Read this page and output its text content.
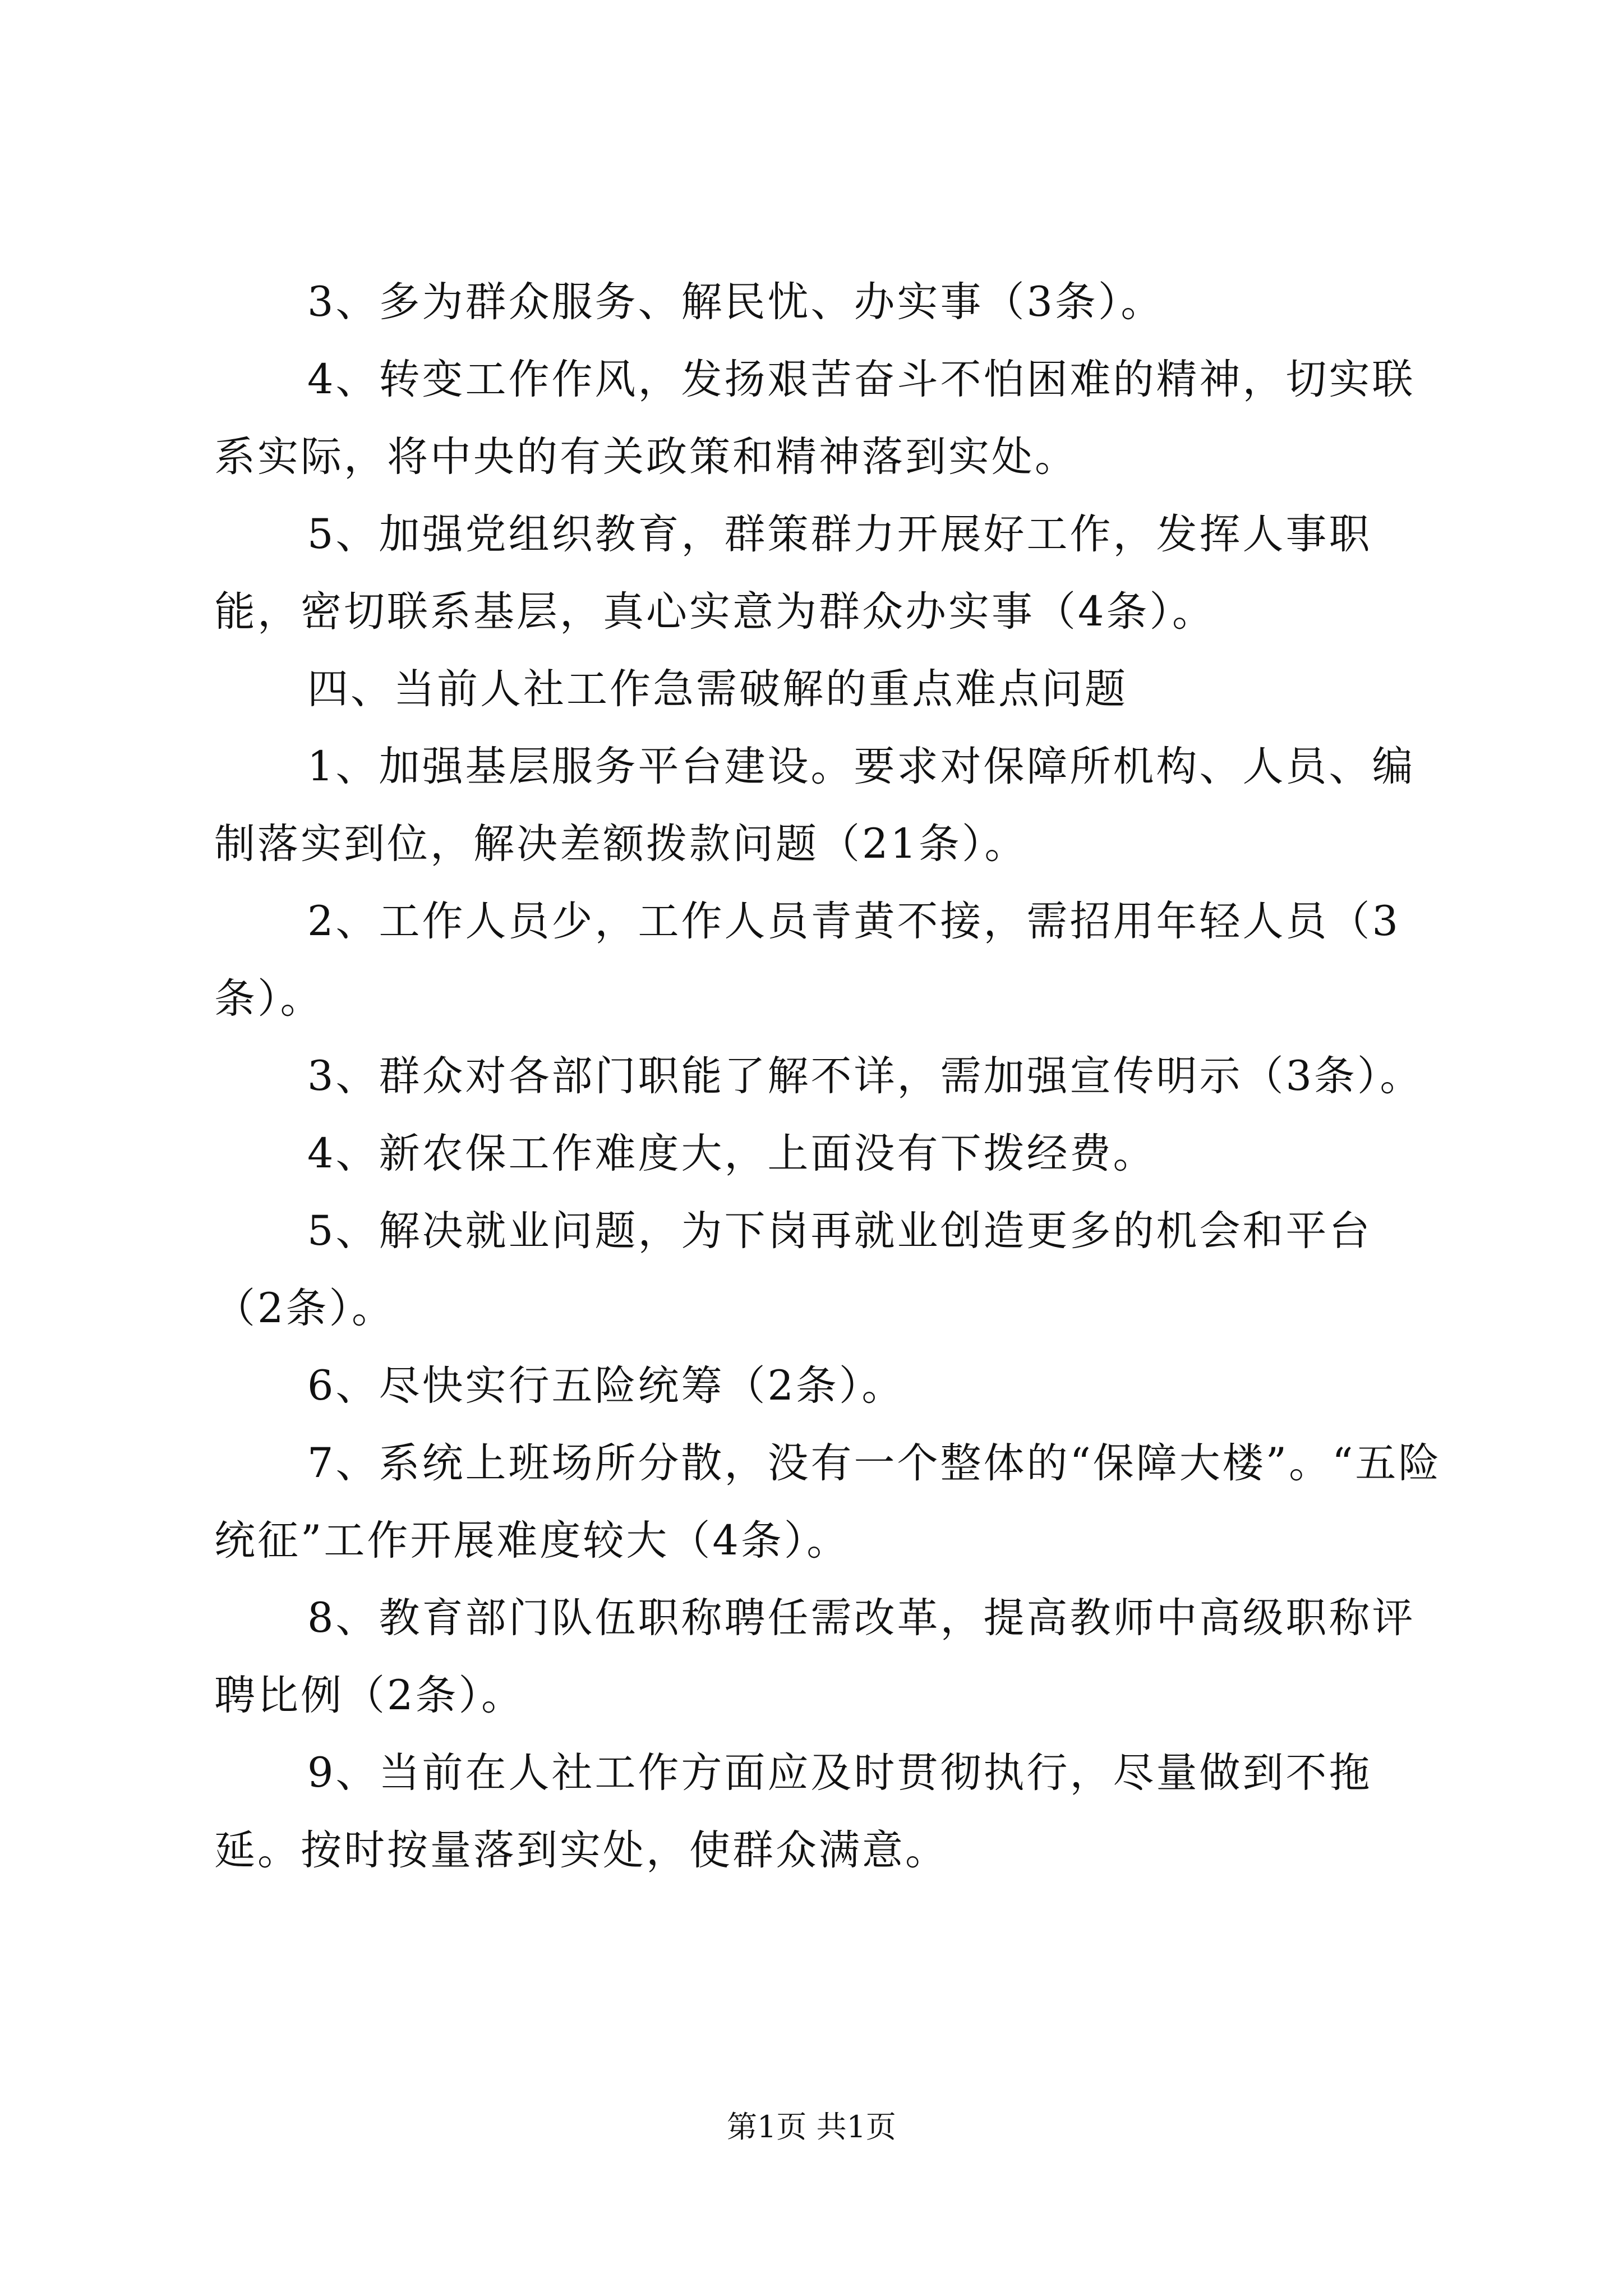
3、多为群众服务、解民忧、办实事（3条）。

4、转变工作作风，发扬艰苦奋斗不怕困难的精神，切实联系实际，将中央的有关政策和精神落到实处。

5、加强党组织教育，群策群力开展好工作，发挥人事职能，密切联系基层，真心实意为群众办实事（4条）。

四、当前人社工作急需破解的重点难点问题

1、加强基层服务平台建设。要求对保障所机构、人员、编制落实到位，解决差额拨款问题（21条）。

2、工作人员少，工作人员青黄不接，需招用年轻人员（3条）。

3、群众对各部门职能了解不详，需加强宣传明示（3条）。

4、新农保工作难度大，上面没有下拨经费。

5、解决就业问题，为下岗再就业创造更多的机会和平台（2条）。

6、尽快实行五险统筹（2条）。

7、系统上班场所分散，没有一个整体的“保障大楼”。“五险统征”工作开展难度较大（4条）。

8、教育部门队伍职称聘任需改革，提高教师中高级职称评聘比例（2条）。

9、当前在人社工作方面应及时贯彻执行，尽量做到不拖延。按时按量落到实处，使群众满意。

第1页 共1页
